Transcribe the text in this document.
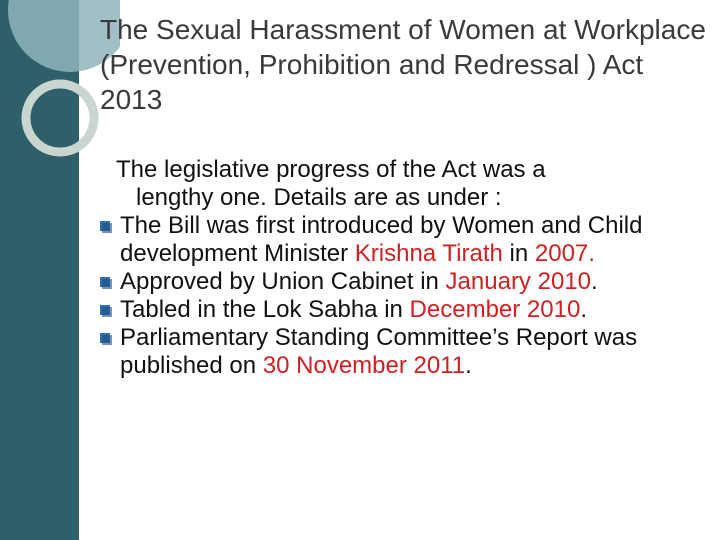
The Sexual Harassment of Women at Workplace (Prevention, Prohibition and Redressal ) Act 2013
The legislative progress of the Act was a
lengthy one. Details are as under :
The Bill was first introduced by Women and Child development Minister Krishna Tirath in 2007.
Approved by Union Cabinet in January 2010.
Tabled in the Lok Sabha in December 2010.
Parliamentary Standing Committee’s Report was published on 30 November 2011.
